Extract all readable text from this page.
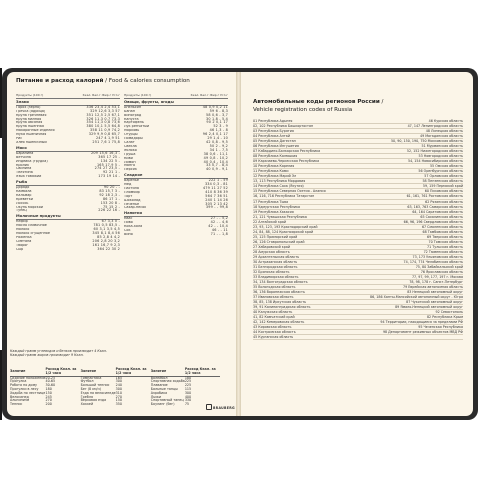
Питание и расход калорий / Food & calories consumption
Продукты (100 г)	Ккал. Бел.г Жир.г Угл.г
Злаки
Горох (зерно)	336 23,4 2,4 53,1
Гречка (ядрица)	329 12,6 3,3 57
Крупа гречневая	351 12,5 2,5 67,1
Крупа манная	326 11,3 0,7 73,3
Крупа овсяная	354 11,3 0,8 73,6
Крупа пшенная	380 10,1 5,5 64,8
Макаронные изделия	358 11 0,9 74,2
Мука пшеничная	329 9,9 0,8 65,7
Рис	247 4 1,9 51
Хлеб пшеничный	251 7,6 1 75,8
Мясо
Баранина	209 15,6 16,3 -
Ветчина	365 17 25 -
Индейка (грудка)	134 22 5 -
Кролик	165 17,9 5 -
Свинина	274 27 23,5 -
Телятина	92 21 1 -
Язык говяжий	173 19 14 -
Рыба
Дорадо	90 20 - -
Камбала	83 15,7 3 -
Кальмар	92 18 2,3 -
Креветки	86 17 1 -
Лосось	153 20 8 -
Окунь морской	75 15 2 -
Тунец	226 22 16 -
Молочные продукты
Кефир	67 3,3 0 -
Масло сливочное	781 0,5 83,5 -
Молоко	60 3,1 3,5 4,5
Молоко сгущенное	345 8,1 8,4 56
Ряженка	85 2,8 4 4,2
Сметана	206 2,8 20 3,2
Творог	161 16,7 9 2,3
Сыр	364 22 30 2
Продукты (100 г)	Ккал. Бел.г Жир.г Угл.г
Овощи, фрукты, ягоды
Апельсин	48 0,9 0,2 11
Банан	59 6 - 8,3
Виноград	58 0,6 - 3,7
Капуста	30 1,8 - 5,4
Картофель	90 2 0,1 17
Лук репчатый	52 3 - 9
Морковь	46 1,3 - 8
Огурцы	96 2,4 0,1 17
Помидоры	29 1,4 - 10
Салат	42 0,8 - 9,5
Свекла	50 2 - 9,2
Яблоко	34 1 - 7,5
Груша	38 0,6 - 11,1
Киви	49 0,8 - 10,2
Лимон	40 0,4 - 10,4
Манго	33 0,7 - 8,4
Персик	40 0,9 - 9,1
Сладкое
Варенье	222 1 - 59
Мед	334 0,3 - 81
Пастила	479 11 27 52
Пломбир	410 8 36 39
Торт	564 7 36 51
Шоколад	240 1 14 26
Печенье	305 2 13 42
Сахар-песок	399 - - 99,8
Напитки
Квас	27 - - 5,2
Пиво	42 - - 4,6
Кока-кола	42 - - 10,4
Сок	46 - - 11
Вино	71 - - 1,8
Каждый грамм углеводов и белков производит 4 Ккал.
Каждый грамм жиров производит 9 Ккал.
Занятие	Расход Ккал. за 1/2 часа	Занятие	Расход Ккал. за 1/2 часа	Занятие	Расход Ккал. за 1/2 часа
Сидячие положение	20-25	Гимнастика	165	Волейбол	180
Прогулка	40-65	Футбол	300	Спортивная ходьба	225
Работа по дому	30-60	Большой теннис	240	Плавание	225
Прогулки в лесу	180	Бег (8 км/ч)	300	Бальные танцы	115
Ходьба по лестнице	150	Езда на велосипеде	310	Аэробика	300
Велосипед	245	Гребля	270	Лыжи	400
Альпинизм	270	Верховая езда	150	Спортивный танец	330
Теннис	200	Хоккей	350	Боулинг (бег)	75
Автомобильные коды регионов России /
Vehicle registration codes of Russia
01 Республика Адыгея	46 Курская область
02, 102 Республика Башкортостан	47, 147 Ленинградская область
03 Республика Бурятия	48 Липецкая область
04 Республика Алтай	49 Магаданская область
05 Республика Дагестан	50, 90, 150, 190, 750 Московская область
06 Республика Ингушетия	51 Мурманская область
07 Кабардино-Балкарская Республика	52, 152 Нижегородская область
08 Республика Калмыкия	53 Новгородская область
09 Карачаево-Черкесская Республика	54, 154 Новосибирская область
10 Республика Карелия	55 Омская область
11 Республика Коми	56 Оренбургская область
12 Республика Марий Эл	57 Орловская область
13, 113 Республика Мордовия	58 Пензенская область
14 Республика Саха (Якутия)	59, 159 Пермский край
15 Республика Северная Осетия - Алания	60 Псковская область
16, 116, 716 Республика Татарстан	61, 161, 761 Ростовская область
17 Республика Тыва	62 Рязанская область
18 Удмуртская Республика	63, 163, 763 Самарская область
19 Республика Хакасия	64, 164 Саратовская область
21, 121 Чувашская Республика	65 Сахалинская область
22 Алтайский край	66, 96, 196 Свердловская область
23, 93, 123, 193 Краснодарский край	67 Смоленская область
24, 84, 88, 124 Красноярский край	68 Тамбовская область
25, 125 Приморский край	69 Тверская область
26, 126 Ставропольский край	70 Томская область
27 Хабаровский край	71 Тульская область
28 Амурская область	72 Тюменская область
29 Архангельская область	73, 173 Ульяновская область
30 Астраханская область	74, 174, 774 Челябинская область
31 Белгородская область	75, 80 Забайкальский край
32 Брянская область	76 Ярославская область
33 Владимирская область	77, 97, 99, 177, 197 г. Москва
34, 134 Волгоградская область	78, 98, 178 г. Санкт-Петербург
35 Вологодская область	79 Еврейская автономная область
36, 136 Воронежская область	83 Ненецкий автономный округ
37 Ивановская область	86, 186 Ханты-Мансийский автономный округ - Югра
38, 85, 138 Иркутская область	87 Чукотский автономный округ
39, 91 Калининградская область	89 Ямало-Ненецкий автономный округ
40 Калужская область	92 Севастополь
41, 82 Камчатский край	82 Республика Крым
42, 142 Кемеровская область	94 Территории, находящиеся за пределами РФ
43 Кировская область	95 Чеченская Республика
44 Костромская область	98 Департамент режимных объектов МВД РФ
45 Курганская область
BRAUBERG
